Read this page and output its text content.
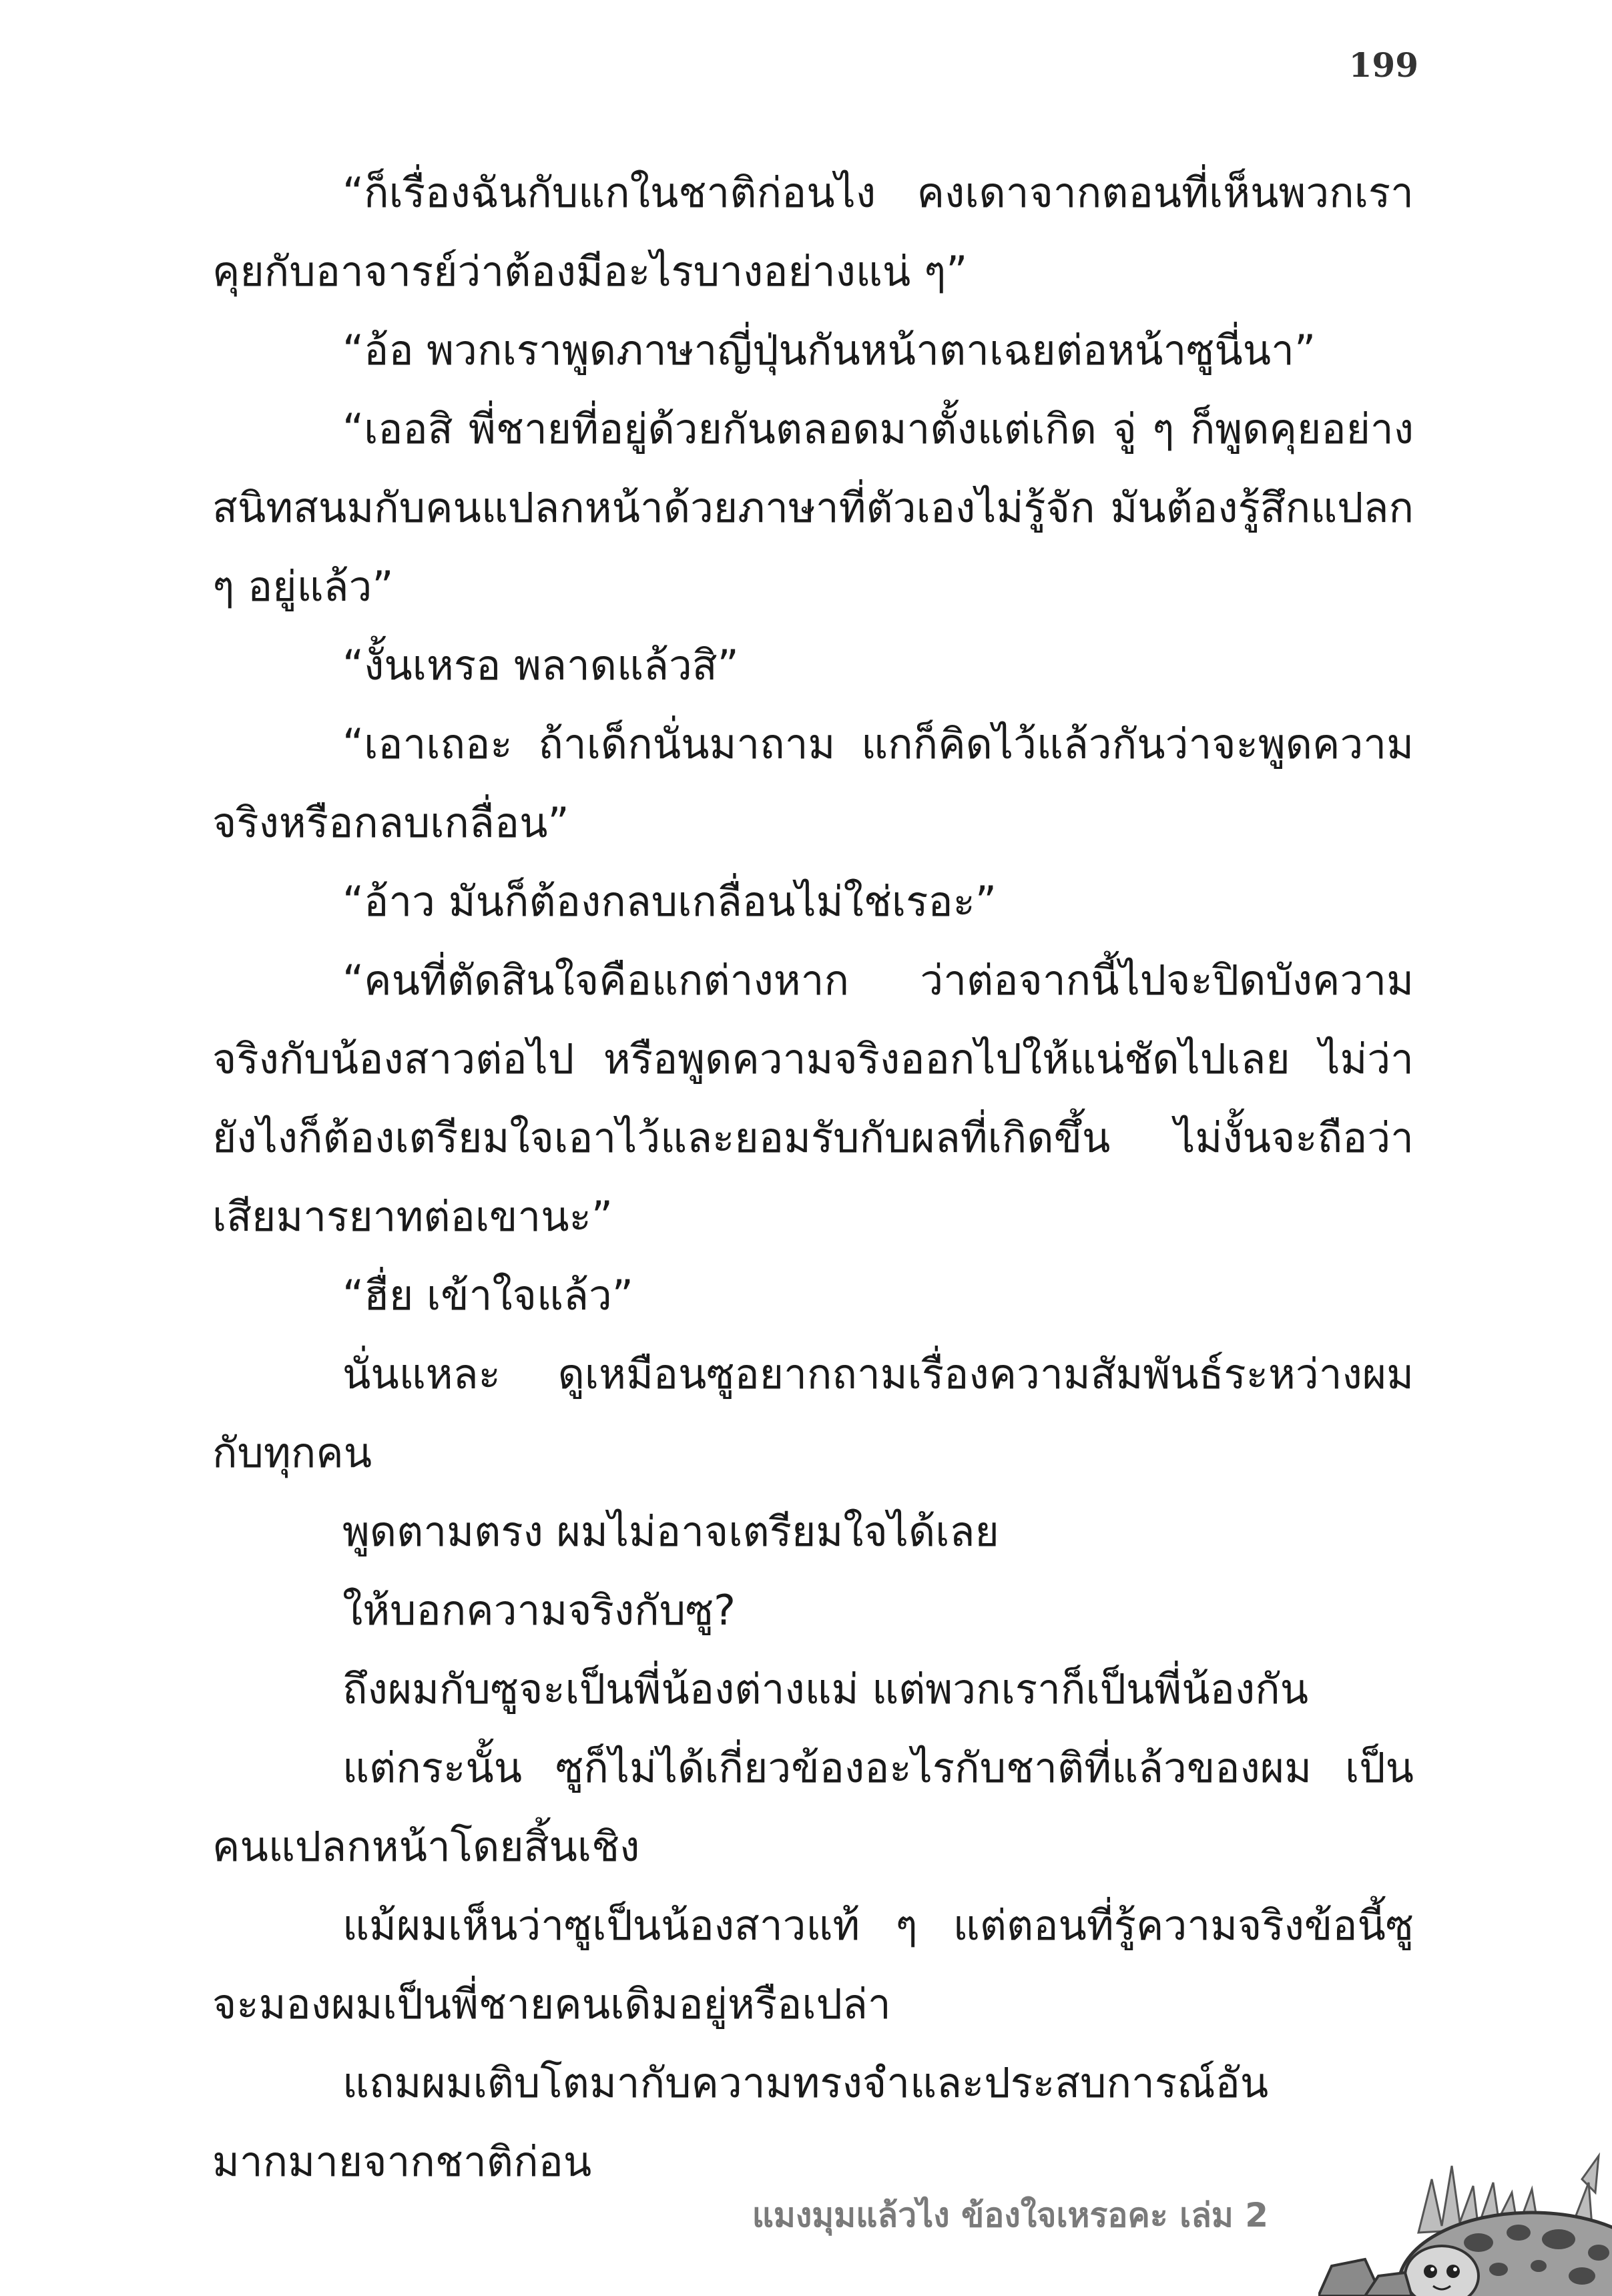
199

“ก็เรื่องฉันกับแกในชาติก่อนไง คงเดาจากตอนที่เห็นพวกเราคุยกับอาจารย์ว่าต้องมีอะไรบางอย่างแน่ ๆ”

“อ้อ พวกเราพูดภาษาญี่ปุ่นกันหน้าตาเฉยต่อหน้าซูนี่นา”

“เออสิ พี่ชายที่อยู่ด้วยกันตลอดมาตั้งแต่เกิด จู่ ๆ ก็พูดคุยอย่างสนิทสนมกับคนแปลกหน้าด้วยภาษาที่ตัวเองไม่รู้จัก มันต้องรู้สึกแปลก ๆ อยู่แล้ว”

“งั้นเหรอ พลาดแล้วสิ”

“เอาเถอะ ถ้าเด็กนั่นมาถาม แกก็คิดไว้แล้วกันว่าจะพูดความจริงหรือกลบเกลื่อน”

“อ้าว มันก็ต้องกลบเกลื่อนไม่ใช่เรอะ”

“คนที่ตัดสินใจคือแกต่างหาก ว่าต่อจากนี้ไปจะปิดบังความจริงกับน้องสาวต่อไป หรือพูดความจริงออกไปให้แน่ชัดไปเลย ไม่ว่ายังไงก็ต้องเตรียมใจเอาไว้และยอมรับกับผลที่เกิดขึ้น ไม่งั้นจะถือว่าเสียมารยาทต่อเขานะ”

“ฮื่ย เข้าใจแล้ว”

นั่นแหละ ดูเหมือนซูอยากถามเรื่องความสัมพันธ์ระหว่างผมกับทุกคน

พูดตามตรง ผมไม่อาจเตรียมใจได้เลย

ให้บอกความจริงกับซู?

ถึงผมกับซูจะเป็นพี่น้องต่างแม่ แต่พวกเราก็เป็นพี่น้องกัน

แต่กระนั้น ซูก็ไม่ได้เกี่ยวข้องอะไรกับชาติที่แล้วของผม เป็นคนแปลกหน้าโดยสิ้นเชิง

แม้ผมเห็นว่าซูเป็นน้องสาวแท้ ๆ แต่ตอนที่รู้ความจริงข้อนี้ซูจะมองผมเป็นพี่ชายคนเดิมอยู่หรือเปล่า

แถมผมเติบโตมากับความทรงจำและประสบการณ์อันมากมายจากชาติก่อน

แมงมุมแล้วไง ข้องใจเหรอคะ เล่ม 2
